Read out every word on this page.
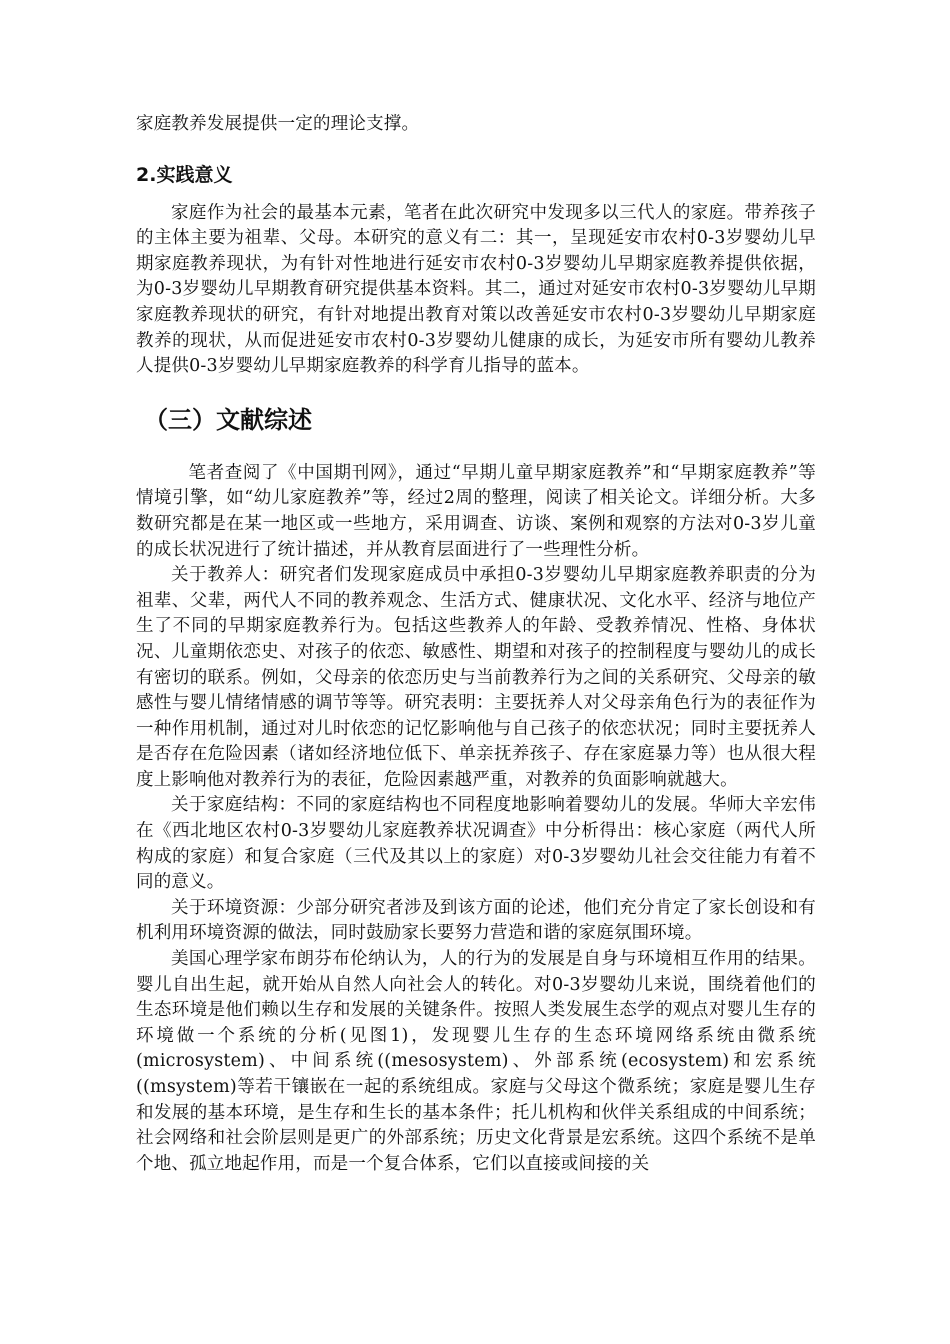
家庭教养发展提供一定的理论支撑。

2.实践意义

家庭作为社会的最基本元素，笔者在此次研究中发现多以三代人的家庭。带养孩子的主体主要为祖辈、父母。本研究的意义有二：其一，呈现延安市农村0-3岁婴幼儿早期家庭教养现状，为有针对性地进行延安市农村0-3岁婴幼儿早期家庭教养提供依据，为0-3岁婴幼儿早期教育研究提供基本资料。其二，通过对延安市农村0-3岁婴幼儿早期家庭教养现状的研究，有针对地提出教育对策以改善延安市农村0-3岁婴幼儿早期家庭教养的现状，从而促进延安市农村0-3岁婴幼儿健康的成长，为延安市所有婴幼儿教养人提供0-3岁婴幼儿早期家庭教养的科学育儿指导的蓝本。

（三）文献综述

笔者查阅了《中国期刊网》，通过“早期儿童早期家庭教养”和“早期家庭教养”等情境引擎，如“幼儿家庭教养”等，经过2周的整理，阅读了相关论文。详细分析。大多数研究都是在某一地区或一些地方，采用调查、访谈、案例和观察的方法对0-3岁儿童的成长状况进行了统计描述，并从教育层面进行了一些理性分析。

关于教养人：研究者们发现家庭成员中承担0-3岁婴幼儿早期家庭教养职责的分为祖辈、父辈，两代人不同的教养观念、生活方式、健康状况、文化水平、经济与地位产生了不同的早期家庭教养行为。包括这些教养人的年龄、受教养情况、性格、身体状况、儿童期依恋史、对孩子的依恋、敏感性、期望和对孩子的控制程度与婴幼儿的成长有密切的联系。例如，父母亲的依恋历史与当前教养行为之间的关系研究、父母亲的敏感性与婴儿情绪情感的调节等等。研究表明：主要抚养人对父母亲角色行为的表征作为一种作用机制，通过对儿时依恋的记忆影响他与自己孩子的依恋状况；同时主要抚养人是否存在危险因素（诸如经济地位低下、单亲抚养孩子、存在家庭暴力等）也从很大程度上影响他对教养行为的表征，危险因素越严重，对教养的负面影响就越大。

关于家庭结构：不同的家庭结构也不同程度地影响着婴幼儿的发展。华师大辛宏伟在《西北地区农村0-3岁婴幼儿家庭教养状况调查》中分析得出：核心家庭（两代人所构成的家庭）和复合家庭（三代及其以上的家庭）对0-3岁婴幼儿社会交往能力有着不同的意义。

关于环境资源：少部分研究者涉及到该方面的论述，他们充分肯定了家长创设和有机利用环境资源的做法，同时鼓励家长要努力营造和谐的家庭氛围环境。

美国心理学家布朗芬布伦纳认为，人的行为的发展是自身与环境相互作用的结果。婴儿自出生起，就开始从自然人向社会人的转化。对0-3岁婴幼儿来说，围绕着他们的生态环境是他们赖以生存和发展的关键条件。按照人类发展生态学的观点对婴儿生存的环境做一个系统的分析(见图1)，发现婴儿生存的生态环境网络系统由微系统(microsystem)、中间系统((mesosystem)、外部系统(ecosystem)和宏系统((msystem)等若干镶嵌在一起的系统组成。家庭与父母这个微系统；家庭是婴儿生存和发展的基本环境，是生存和生长的基本条件；托儿机构和伙伴关系组成的中间系统；社会网络和社会阶层则是更广的外部系统；历史文化背景是宏系统。这四个系统不是单个地、孤立地起作用，而是一个复合体系，它们以直接或间接的关
